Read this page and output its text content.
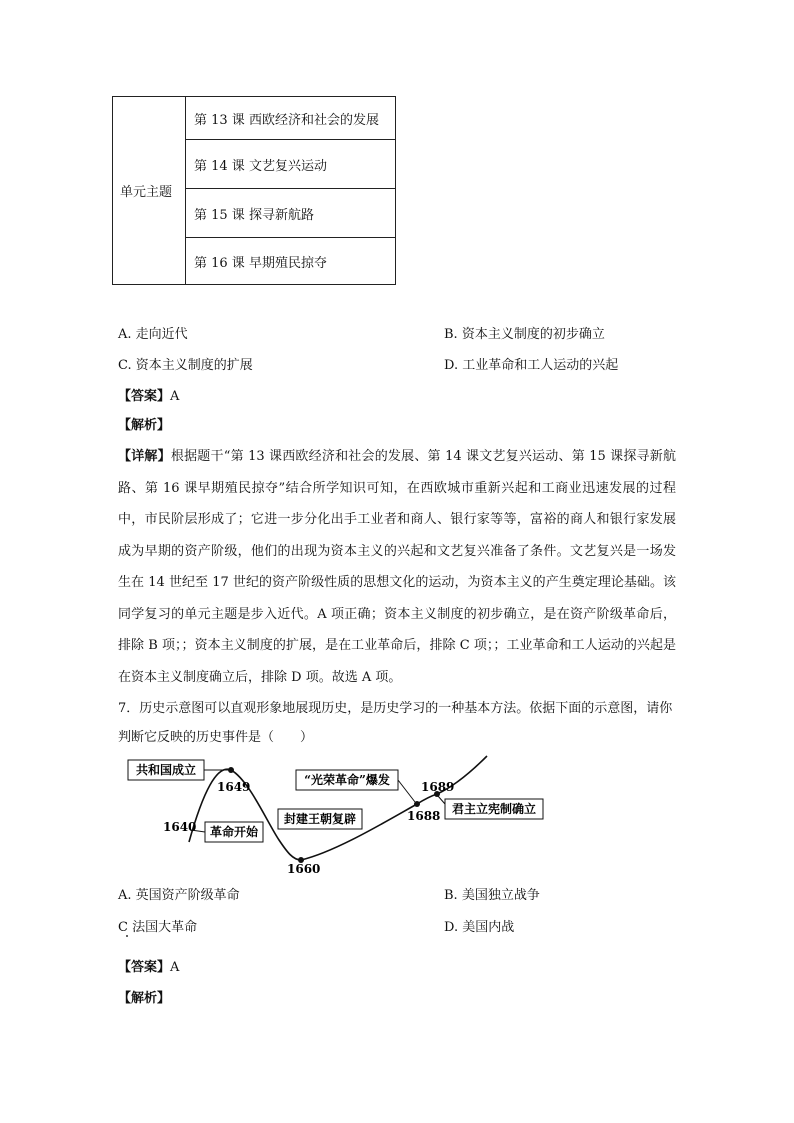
单元主题	第 13 课 西欧经济和社会的发展
第 14 课 文艺复兴运动
第 15 课 探寻新航路
第 16 课 早期殖民掠夺
A. 走向近代	B. 资本主义制度的初步确立
C. 资本主义制度的扩展	D. 工业革命和工人运动的兴起
【答案】A
【解析】
【详解】根据题干“第 13 课西欧经济和社会的发展、第 14 课文艺复兴运动、第 15 课探寻新航路、第 16 课早期殖民掠夺”结合所学知识可知，在西欧城市重新兴起和工商业迅速发展的过程中，市民阶层形成了；它进一步分化出手工业者和商人、银行家等等，富裕的商人和银行家发展成为早期的资产阶级，他们的出现为资本主义的兴起和文艺复兴准备了条件。文艺复兴是一场发生在 14 世纪至 17 世纪的资产阶级性质的思想文化的运动，为资本主义的产生奠定理论基础。该同学复习的单元主题是步入近代。A 项正确；资本主义制度的初步确立，是在资产阶级革命后，排除 B 项；；资本主义制度的扩展，是在工业革命后，排除 C 项；；工业革命和工人运动的兴起是在资本主义制度确立后，排除 D 项。故选 A 项。
7．历史示意图可以直观形象地展现历史，是历史学习的一种基本方法。依据下面的示意图，请你判断它反映的历史事件是（　　）
共和国成立
革命开始
封建王朝复辟
“光荣革命”爆发
君主立宪制确立
1640
1649
1660
1688
1689
A. 英国资产阶级革命	B. 美国独立战争
C 法国大革命	D. 美国内战
【答案】A
【解析】
